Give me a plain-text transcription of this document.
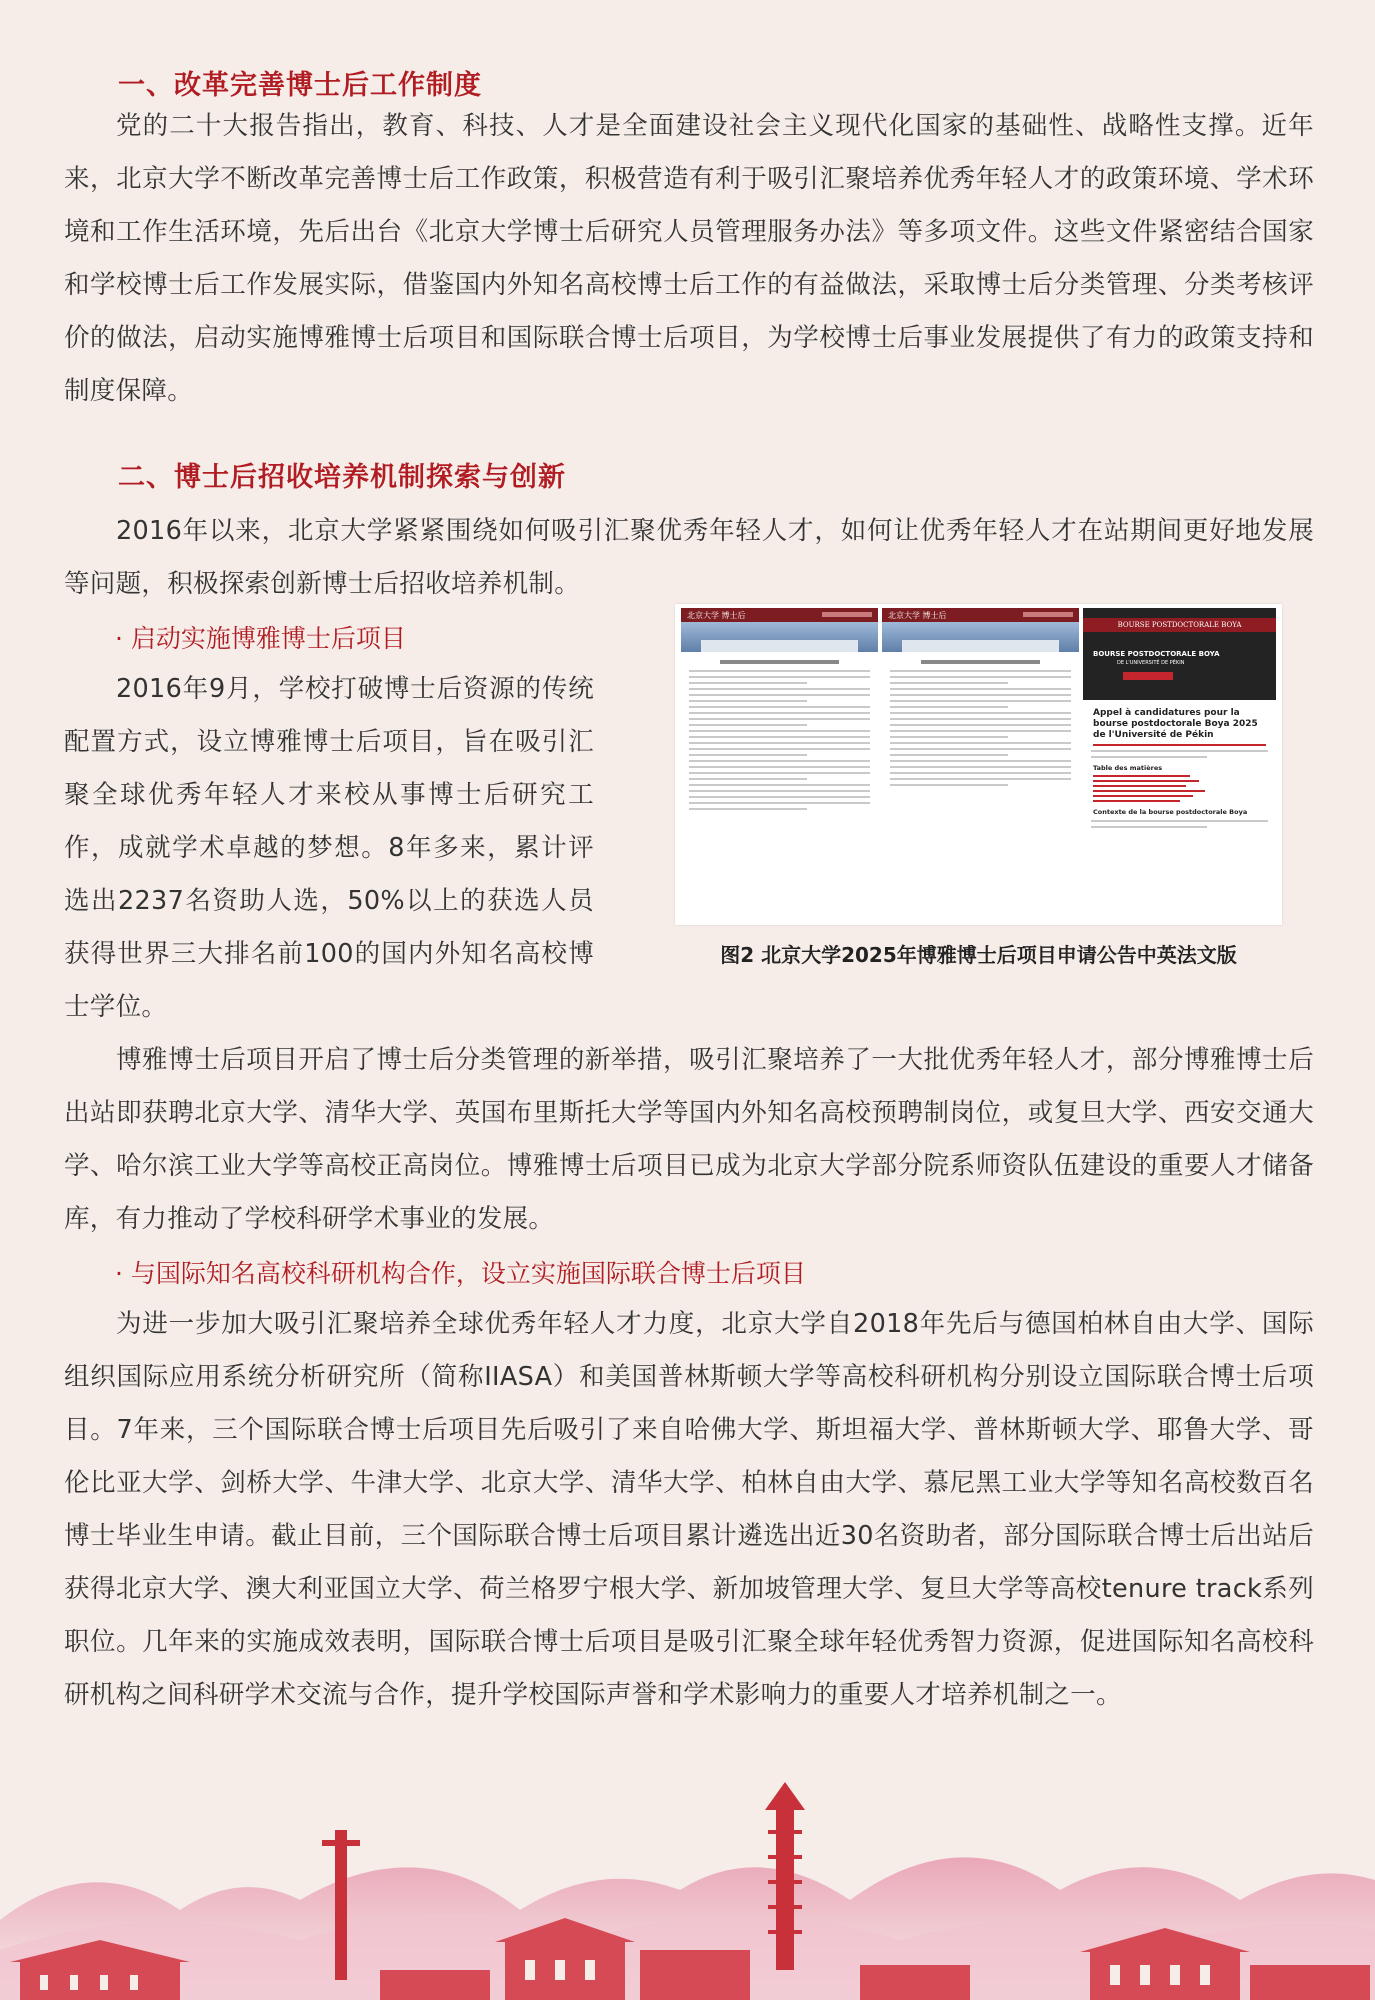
一、改革完善博士后工作制度

党的二十大报告指出，教育、科技、人才是全面建设社会主义现代化国家的基础性、战略性支撑。近年来，北京大学不断改革完善博士后工作政策，积极营造有利于吸引汇聚培养优秀年轻人才的政策环境、学术环境和工作生活环境，先后出台《北京大学博士后研究人员管理服务办法》等多项文件。这些文件紧密结合国家和学校博士后工作发展实际，借鉴国内外知名高校博士后工作的有益做法，采取博士后分类管理、分类考核评价的做法，启动实施博雅博士后项目和国际联合博士后项目，为学校博士后事业发展提供了有力的政策支持和制度保障。

二、博士后招收培养机制探索与创新

2016年以来，北京大学紧紧围绕如何吸引汇聚优秀年轻人才，如何让优秀年轻人才在站期间更好地发展等问题，积极探索创新博士后招收培养机制。

· 启动实施博雅博士后项目

2016年9月，学校打破博士后资源的传统配置方式，设立博雅博士后项目，旨在吸引汇聚全球优秀年轻人才来校从事博士后研究工作，成就学术卓越的梦想。8年多来，累计评选出2237名资助人选，50%以上的获选人员获得世界三大排名前100的国内外知名高校博士学位。

北京大学 博士后	北京大学 博士后
BOURSE POSTDOCTORALE BOYA
BOURSE POSTDOCTORALE BOYA
DE L'UNIVERSITÉ DE PÉKIN
Appel à candidatures pour la bourse postdoctorale Boya 2025 de l'Université de Pékin
Table des matières
Contexte de la bourse postdoctorale Boya

图2 北京大学2025年博雅博士后项目申请公告中英法文版

博雅博士后项目开启了博士后分类管理的新举措，吸引汇聚培养了一大批优秀年轻人才，部分博雅博士后出站即获聘北京大学、清华大学、英国布里斯托大学等国内外知名高校预聘制岗位，或复旦大学、西安交通大学、哈尔滨工业大学等高校正高岗位。博雅博士后项目已成为北京大学部分院系师资队伍建设的重要人才储备库，有力推动了学校科研学术事业的发展。

· 与国际知名高校科研机构合作，设立实施国际联合博士后项目

为进一步加大吸引汇聚培养全球优秀年轻人才力度，北京大学自2018年先后与德国柏林自由大学、国际组织国际应用系统分析研究所（简称IIASA）和美国普林斯顿大学等高校科研机构分别设立国际联合博士后项目。7年来，三个国际联合博士后项目先后吸引了来自哈佛大学、斯坦福大学、普林斯顿大学、耶鲁大学、哥伦比亚大学、剑桥大学、牛津大学、北京大学、清华大学、柏林自由大学、慕尼黑工业大学等知名高校数百名博士毕业生申请。截止目前，三个国际联合博士后项目累计遴选出近30名资助者，部分国际联合博士后出站后获得北京大学、澳大利亚国立大学、荷兰格罗宁根大学、新加坡管理大学、复旦大学等高校tenure track系列职位。几年来的实施成效表明，国际联合博士后项目是吸引汇聚全球年轻优秀智力资源，促进国际知名高校科研机构之间科研学术交流与合作，提升学校国际声誉和学术影响力的重要人才培养机制之一。
